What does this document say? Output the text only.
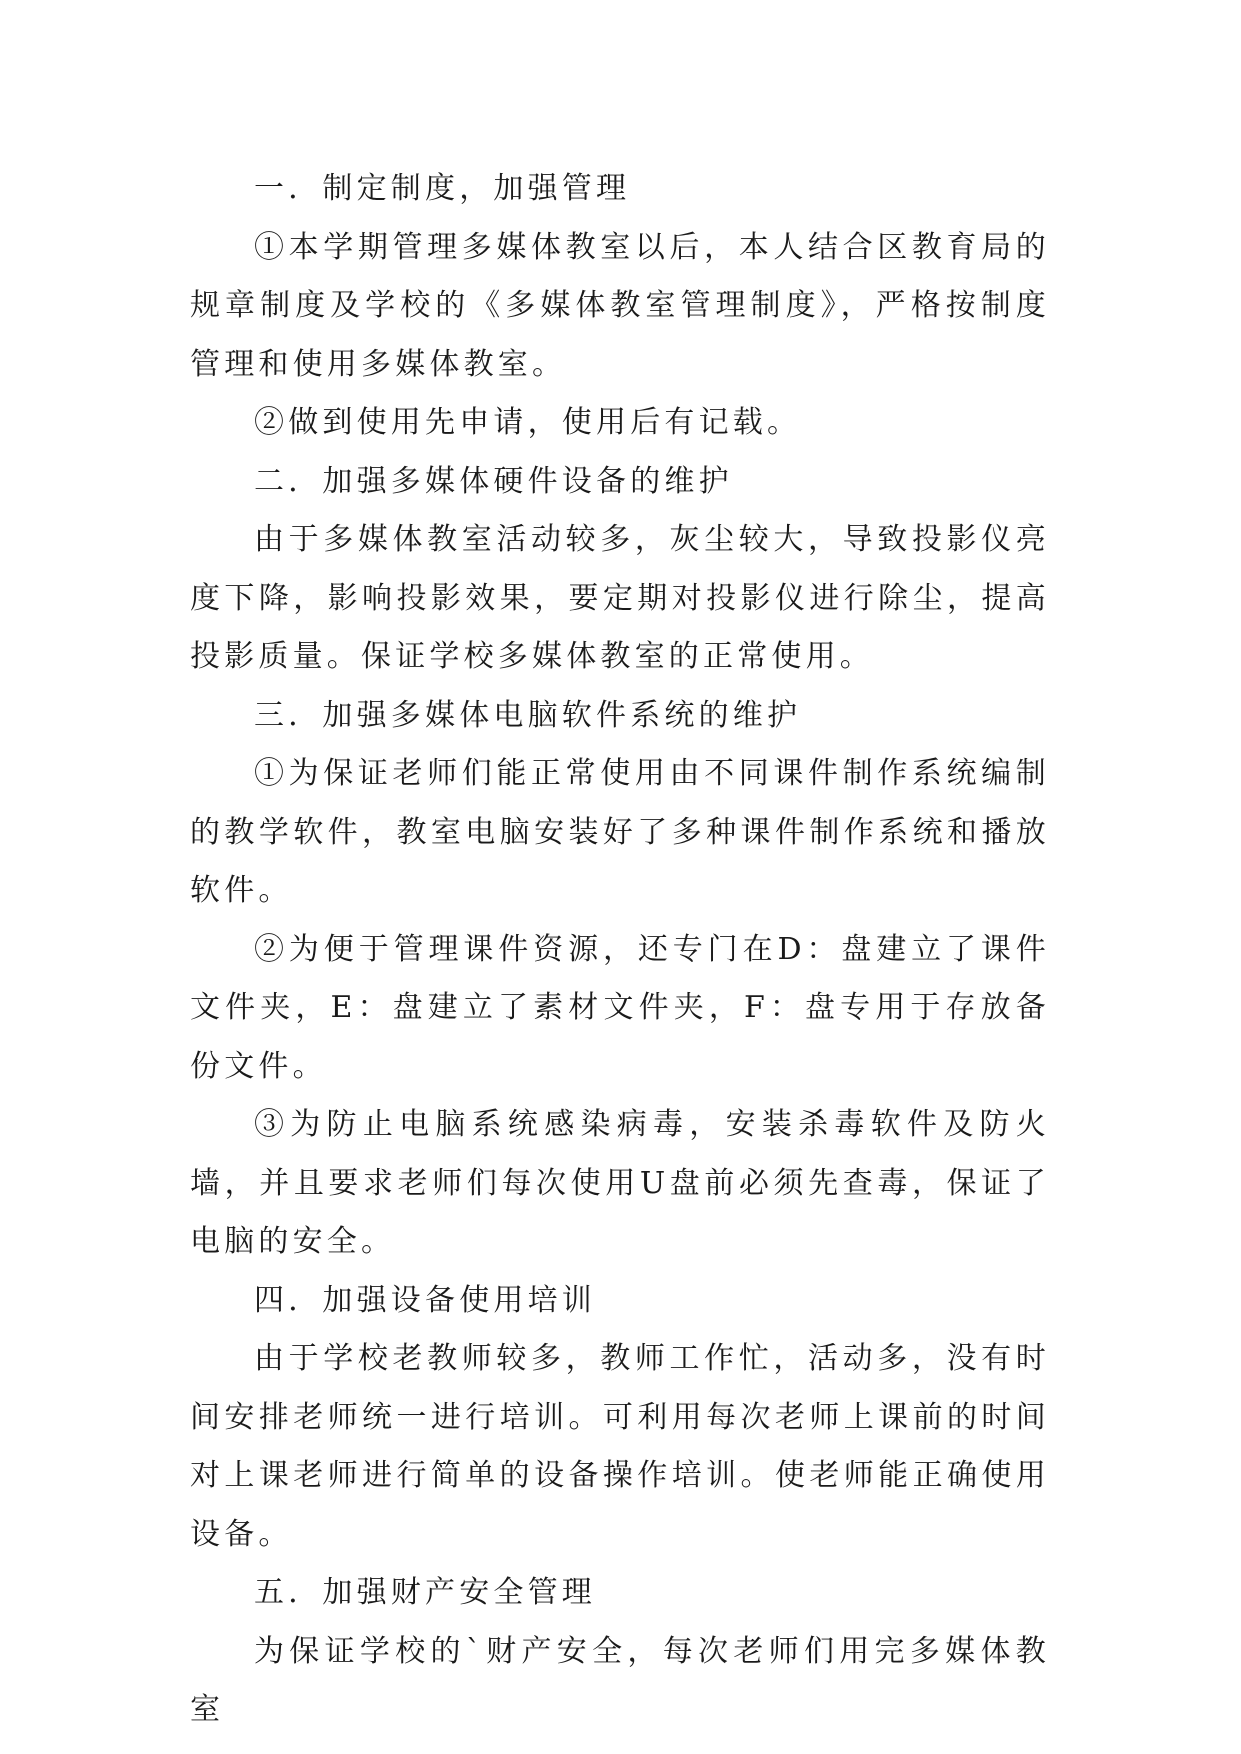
一．制定制度，加强管理

①本学期管理多媒体教室以后，本人结合区教育局的规章制度及学校的《多媒体教室管理制度》，严格按制度管理和使用多媒体教室。

②做到使用先申请，使用后有记载。

二．加强多媒体硬件设备的维护

由于多媒体教室活动较多，灰尘较大，导致投影仪亮度下降，影响投影效果，要定期对投影仪进行除尘，提高投影质量。保证学校多媒体教室的正常使用。

三．加强多媒体电脑软件系统的维护

①为保证老师们能正常使用由不同课件制作系统编制的教学软件，教室电脑安装好了多种课件制作系统和播放软件。

②为便于管理课件资源，还专门在D：盘建立了课件文件夹，E：盘建立了素材文件夹，F：盘专用于存放备份文件。

③为防止电脑系统感染病毒，安装杀毒软件及防火墙，并且要求老师们每次使用U盘前必须先查毒，保证了电脑的安全。

四．加强设备使用培训

由于学校老教师较多，教师工作忙，活动多，没有时间安排老师统一进行培训。可利用每次老师上课前的时间对上课老师进行简单的设备操作培训。使老师能正确使用设备。

五．加强财产安全管理

为保证学校的`财产安全，每次老师们用完多媒体教室
